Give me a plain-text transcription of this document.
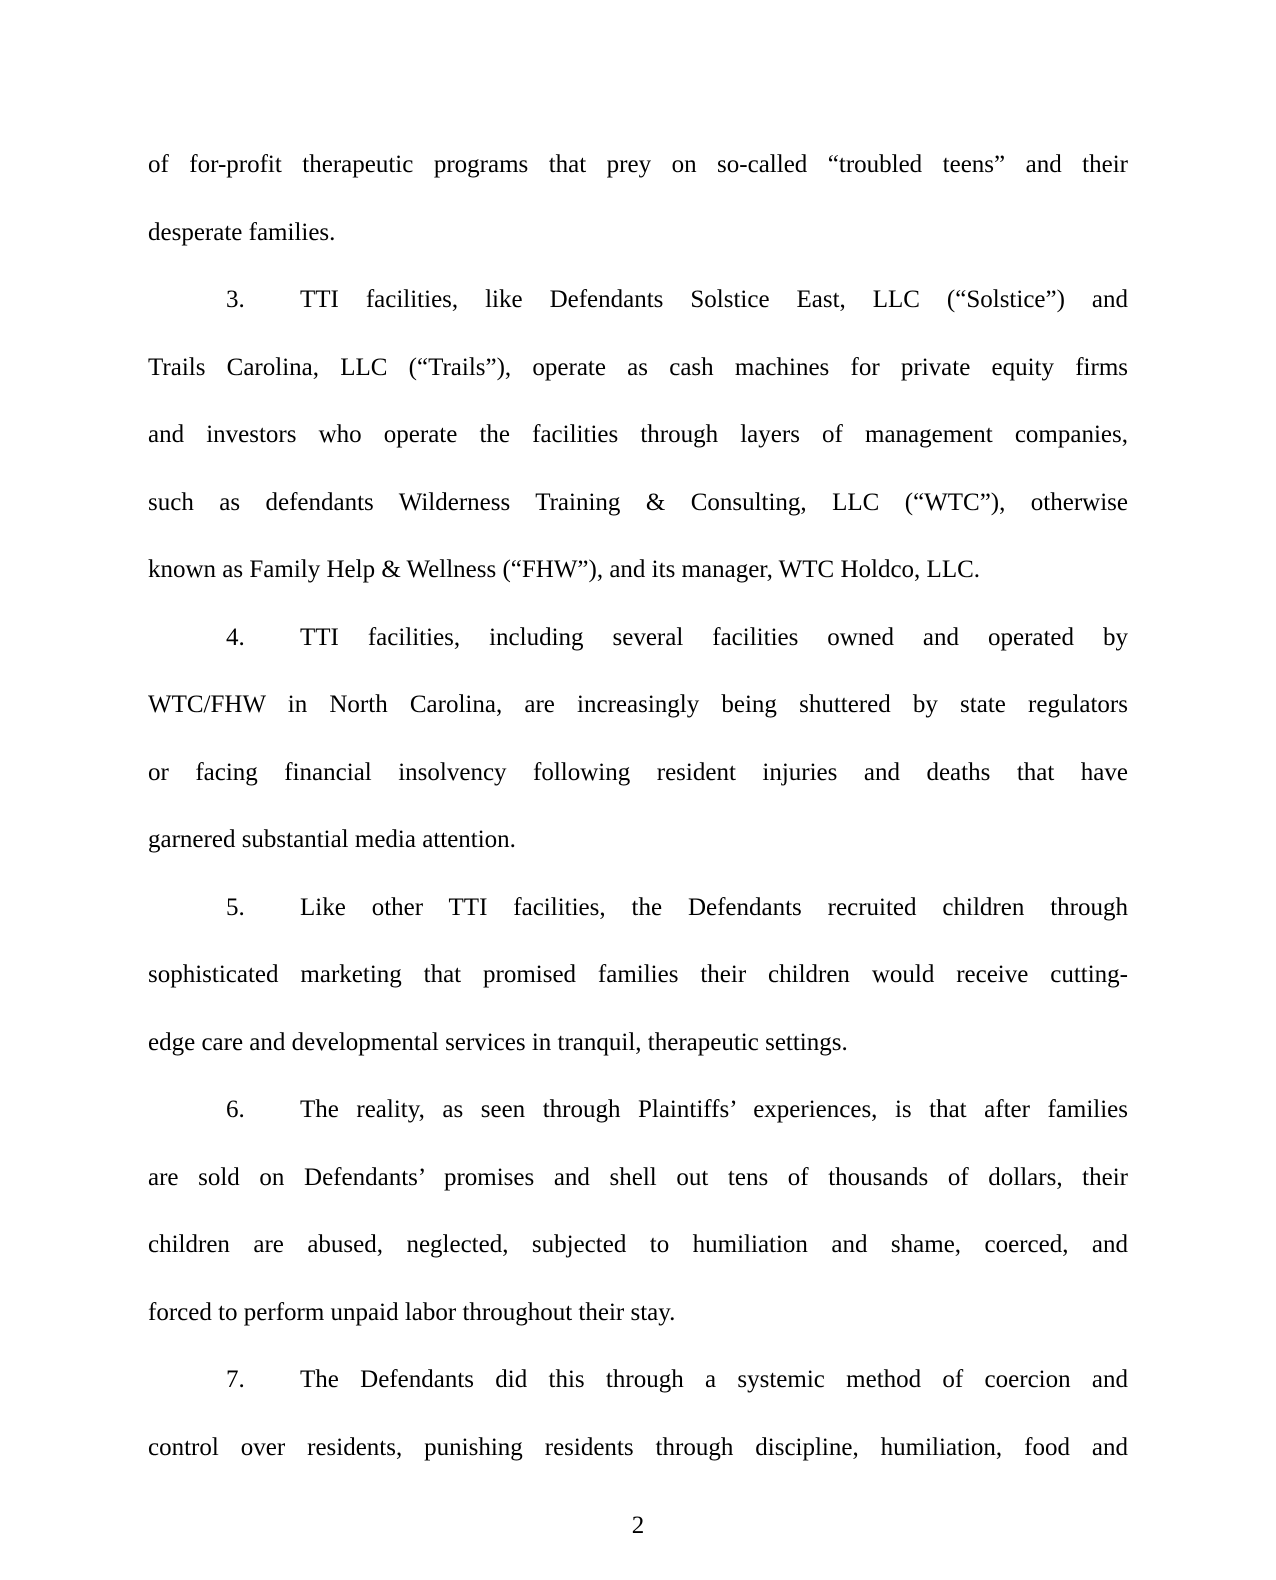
of for-profit therapeutic programs that prey on so-called “troubled teens” and their
desperate families.
3. TTI facilities, like Defendants Solstice East, LLC (“Solstice”) and
Trails Carolina, LLC (“Trails”), operate as cash machines for private equity firms
and investors who operate the facilities through layers of management companies,
such as defendants Wilderness Training & Consulting, LLC (“WTC”), otherwise
known as Family Help & Wellness (“FHW”), and its manager, WTC Holdco, LLC.
4. TTI facilities, including several facilities owned and operated by
WTC/FHW in North Carolina, are increasingly being shuttered by state regulators
or facing financial insolvency following resident injuries and deaths that have
garnered substantial media attention.
5. Like other TTI facilities, the Defendants recruited children through
sophisticated marketing that promised families their children would receive cutting-
edge care and developmental services in tranquil, therapeutic settings.
6. The reality, as seen through Plaintiffs’ experiences, is that after families
are sold on Defendants’ promises and shell out tens of thousands of dollars, their
children are abused, neglected, subjected to humiliation and shame, coerced, and
forced to perform unpaid labor throughout their stay.
7. The Defendants did this through a systemic method of coercion and
control over residents, punishing residents through discipline, humiliation, food and
2
